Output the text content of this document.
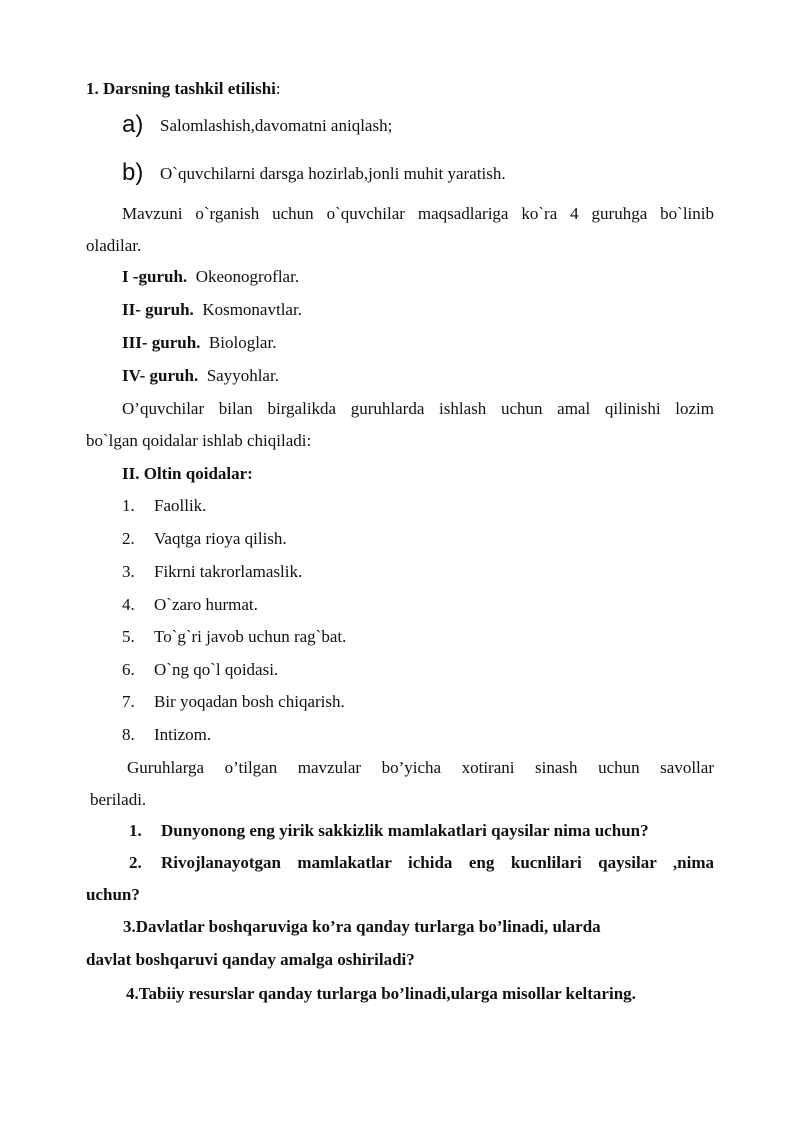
1. Darsning tashkil etilishi:
a) Salomlashish,davomatni aniqlash;
b) O`quvchilarni darsga hozirlab,jonli muhit yaratish.
Mavzuni o`rganish uchun o`quvchilar maqsadlariga ko`ra 4 guruhga bo`linib
oladilar.
I -guruh. Okeonogroflar.
II- guruh. Kosmonavtlar.
III- guruh. Biologlar.
IV- guruh. Sayyohlar.
O’quvchilar bilan birgalikda guruhlarda ishlash uchun amal qilinishi lozim
bo`lgan qoidalar ishlab chiqiladi:
II. Oltin qoidalar:
1. Faollik.
2. Vaqtga rioya qilish.
3. Fikrni takrorlamaslik.
4. O`zaro hurmat.
5. To`g`ri javob uchun rag`bat.
6. O`ng qo`l qoidasi.
7. Bir yoqadan bosh chiqarish.
8. Intizom.
Guruhlarga o’tilgan mavzular bo’yicha xotirani sinash uchun savollar
beriladi.
1. Dunyonong eng yirik sakkizlik mamlakatlari qaysilar nima uchun?
2.	Rivojlanayotgan mamlakatlar ichida eng kucnlilari qaysilar ,nima
uchun?
3.Davlatlar boshqaruviga ko’ra qanday turlarga bo’linadi, ularda
davlat boshqaruvi qanday amalga oshiriladi?
4.Tabiiy resurslar qanday turlarga bo’linadi,ularga misollar keltaring.
